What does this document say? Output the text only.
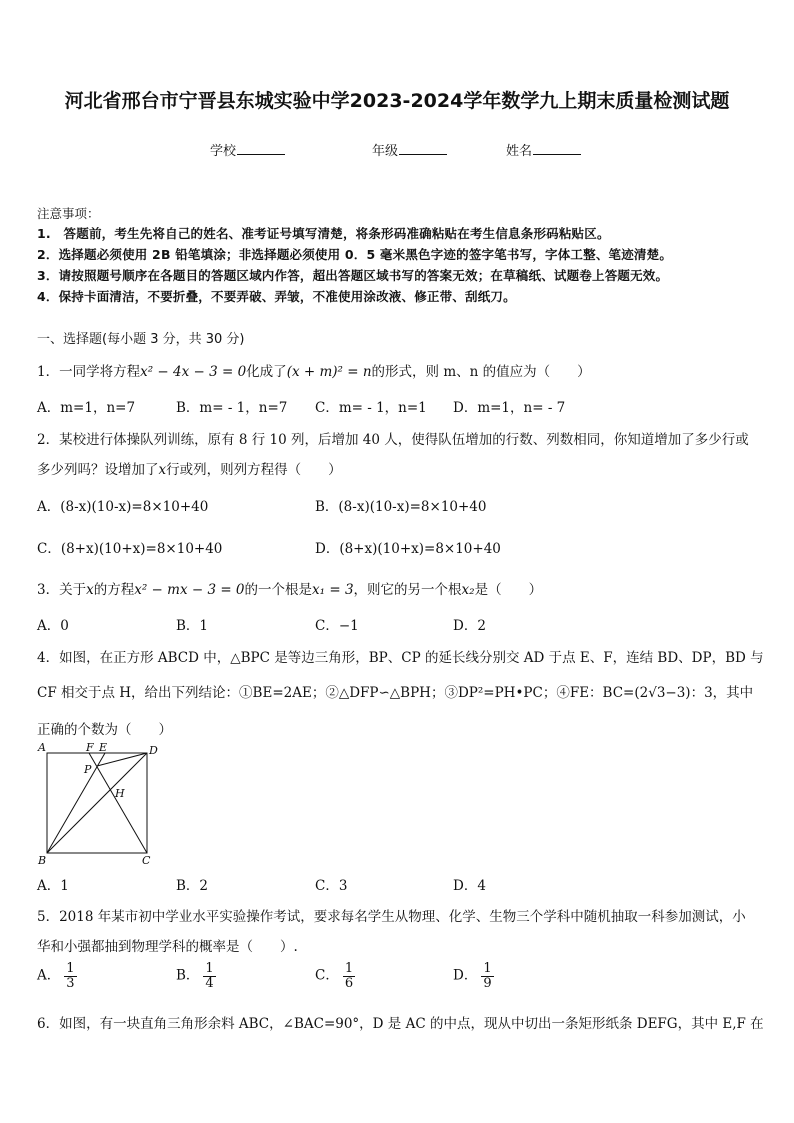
河北省邢台市宁晋县东城实验中学2023-2024学年数学九上期末质量检测试题
学校	年级	姓名
注意事项：
1.　答题前，考生先将自己的姓名、准考证号填写清楚，将条形码准确粘贴在考生信息条形码粘贴区。
2．选择题必须使用 2B 铅笔填涂；非选择题必须使用 0．5 毫米黑色字迹的签字笔书写，字体工整、笔迹清楚。
3．请按照题号顺序在各题目的答题区域内作答，超出答题区域书写的答案无效；在草稿纸、试题卷上答题无效。
4．保持卡面清洁，不要折叠，不要弄破、弄皱，不准使用涂改液、修正带、刮纸刀。
一、选择题(每小题 3 分，共 30 分)
1．一同学将方程x² − 4x − 3 = 0化成了(x + m)² = n的形式，则 m、n 的值应为（　　）
A．m=1，n=7	B．m= - 1，n=7 C．m= - 1，n=1 D．m=1，n= - 7
2．某校进行体操队列训练，原有 8 行 10 列，后增加 40 人，使得队伍增加的行数、列数相同，你知道增加了多少行或
多少列吗？设增加了x行或列，则列方程得（　　）
A．(8-x)(10-x)=8×10+40	B．(8-x)(10-x)=8×10+40
C．(8+x)(10+x)=8×10+40	D．(8+x)(10+x)=8×10+40
3．关于x的方程x² − mx − 3 = 0的一个根是x₁ = 3，则它的另一个根x₂是（　　）
A．0	B．1	C．−1	D．2
4．如图，在正方形 ABCD 中，△BPC 是等边三角形，BP、CP 的延长线分别交 AD 于点 E、F，连结 BD、DP，BD 与
CF 相交于点 H，给出下列结论：①BE=2AE；②△DFP∽△BPH；③DP²=PH•PC；④FE：BC=(2√3−3)：3，其中
正确的个数为（　　）
A	F E	D
P
H
B	C
A．1	B．2	C．3	D．4
5．2018 年某市初中学业水平实验操作考试，要求每名学生从物理、化学、生物三个学科中随机抽取一科参加测试，小
华和小强都抽到物理学科的概率是（　　）.
A． $\frac{1}{3}$	B． $\frac{1}{4}$	C． $\frac{1}{6}$	D． $\frac{1}{9}$
6．如图，有一块直角三角形余料 ABC，∠BAC=90°，D 是 AC 的中点，现从中切出一条矩形纸条 DEFG，其中 E,F 在
